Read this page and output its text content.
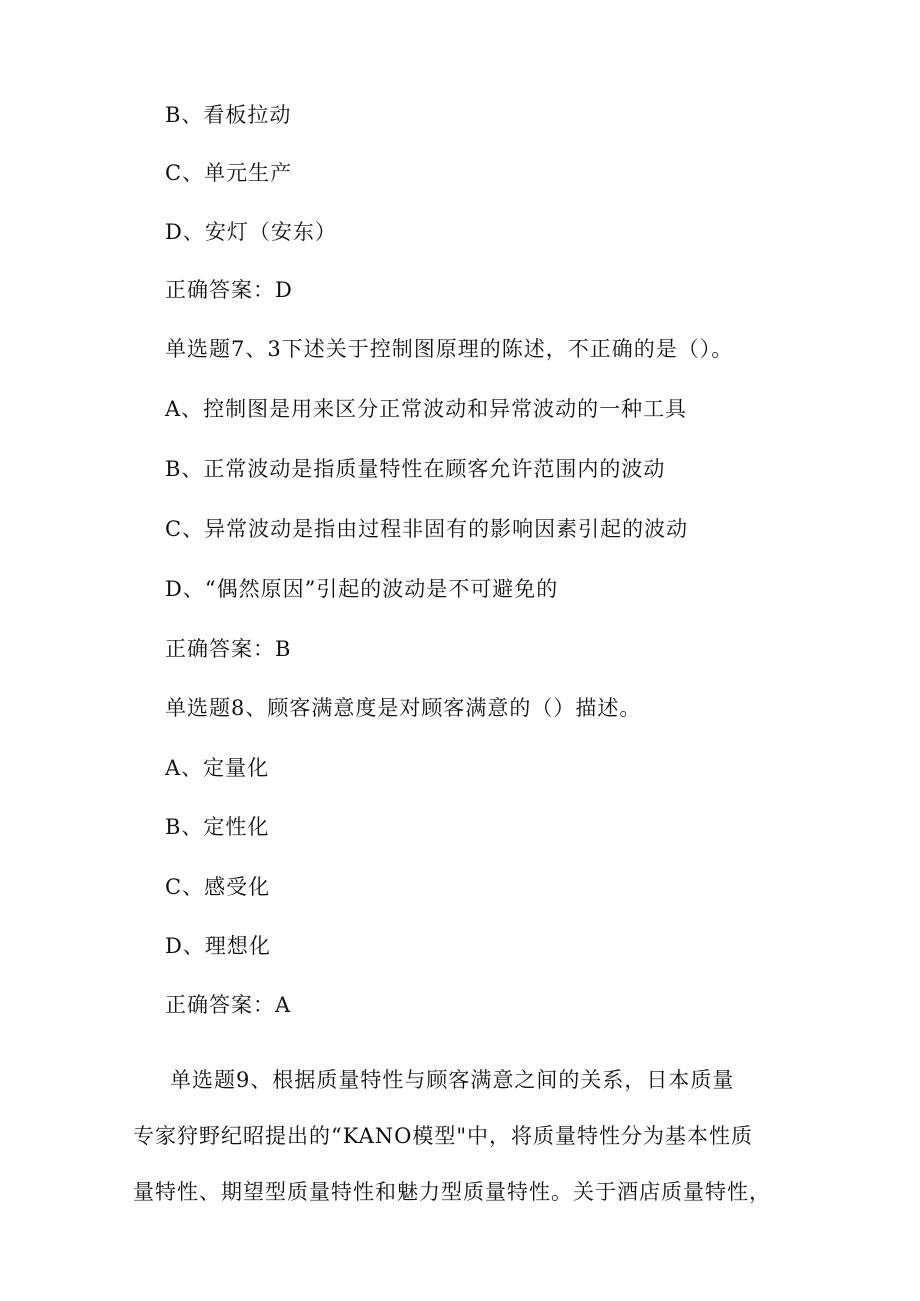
B、看板拉动
C、单元生产
D、安灯（安东）
正确答案：D
单选题7、3下述关于控制图原理的陈述，不正确的是（）。
A、控制图是用来区分正常波动和异常波动的一种工具
B、正常波动是指质量特性在顾客允许范围内的波动
C、异常波动是指由过程非固有的影响因素引起的波动
D、“偶然原因”引起的波动是不可避免的
正确答案：B
单选题8、顾客满意度是对顾客满意的（）描述。
A、定量化
B、定性化
C、感受化
D、理想化
正确答案：A
单选题9、根据质量特性与顾客满意之间的关系，日本质量
专家狩野纪昭提出的“KANO模型"中，将质量特性分为基本性质
量特性、期望型质量特性和魅力型质量特性。关于酒店质量特性，
